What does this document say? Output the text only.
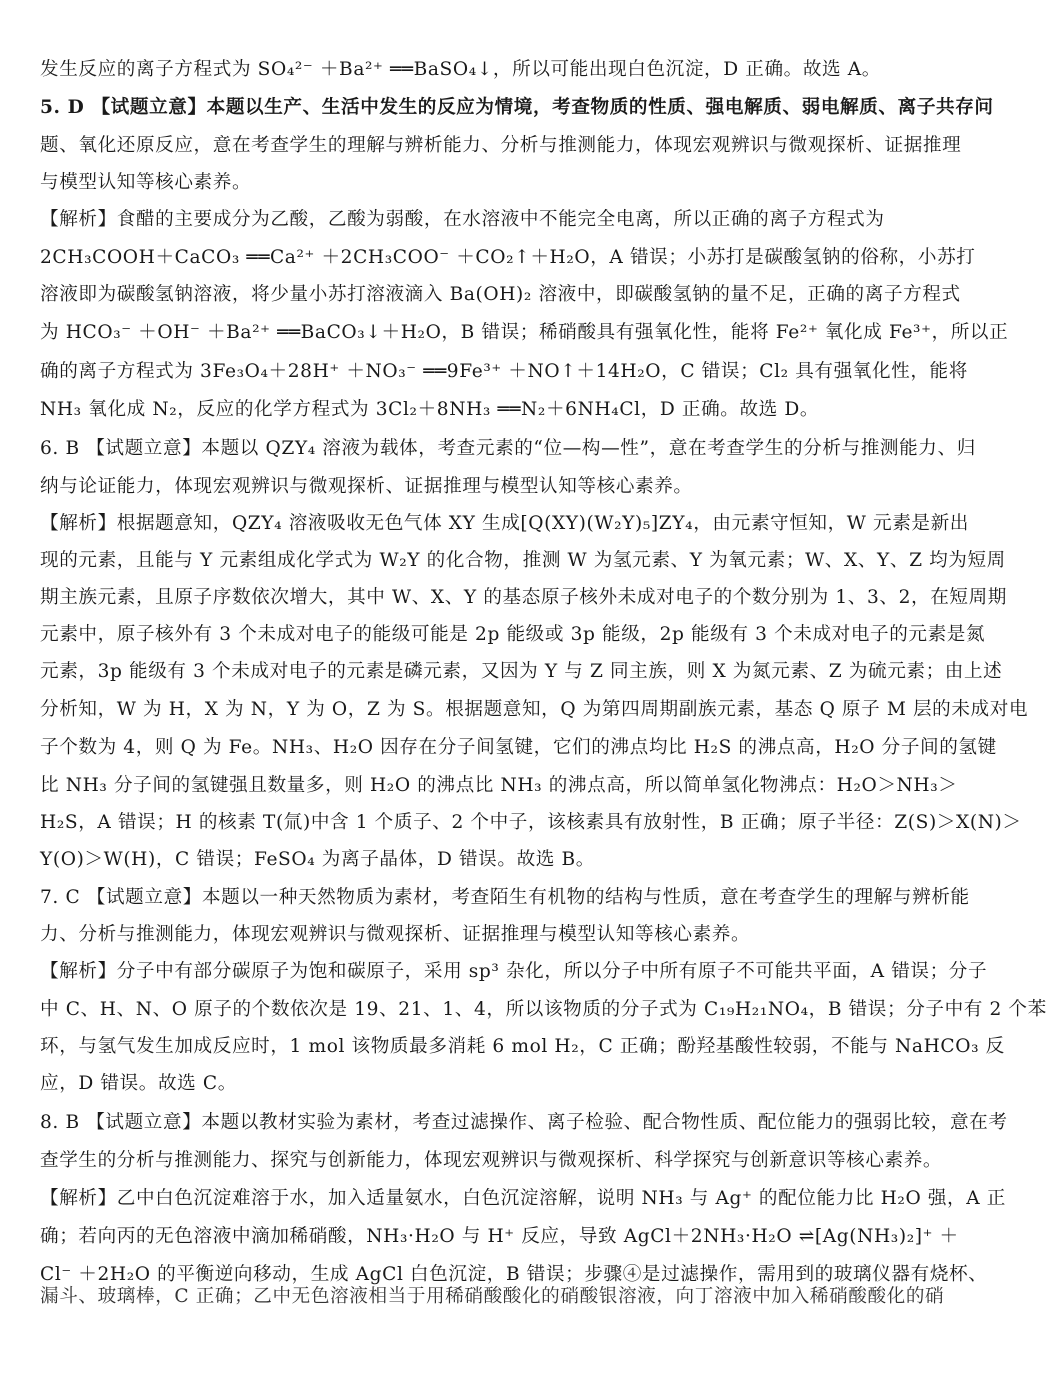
发生反应的离子方程式为 SO₄²⁻ ＋Ba²⁺ ══BaSO₄↓，所以可能出现白色沉淀，D 正确。故选 A。
5. D 【试题立意】本题以生产、生活中发生的反应为情境，考查物质的性质、强电解质、弱电解质、离子共存问
题、氧化还原反应，意在考查学生的理解与辨析能力、分析与推测能力，体现宏观辨识与微观探析、证据推理
与模型认知等核心素养。
【解析】食醋的主要成分为乙酸，乙酸为弱酸，在水溶液中不能完全电离，所以正确的离子方程式为
2CH₃COOH＋CaCO₃ ══Ca²⁺ ＋2CH₃COO⁻ ＋CO₂↑＋H₂O，A 错误；小苏打是碳酸氢钠的俗称，小苏打
溶液即为碳酸氢钠溶液，将少量小苏打溶液滴入 Ba(OH)₂ 溶液中，即碳酸氢钠的量不足，正确的离子方程式
为 HCO₃⁻ ＋OH⁻ ＋Ba²⁺ ══BaCO₃↓＋H₂O，B 错误；稀硝酸具有强氧化性，能将 Fe²⁺ 氧化成 Fe³⁺，所以正
确的离子方程式为 3Fe₃O₄＋28H⁺ ＋NO₃⁻ ══9Fe³⁺ ＋NO↑＋14H₂O，C 错误；Cl₂ 具有强氧化性，能将
NH₃ 氧化成 N₂，反应的化学方程式为 3Cl₂＋8NH₃ ══N₂＋6NH₄Cl，D 正确。故选 D。
6. B 【试题立意】本题以 QZY₄ 溶液为载体，考查元素的“位—构—性”，意在考查学生的分析与推测能力、归
纳与论证能力，体现宏观辨识与微观探析、证据推理与模型认知等核心素养。
【解析】根据题意知，QZY₄ 溶液吸收无色气体 XY 生成[Q(XY)(W₂Y)₅]ZY₄，由元素守恒知，W 元素是新出
现的元素，且能与 Y 元素组成化学式为 W₂Y 的化合物，推测 W 为氢元素、Y 为氧元素；W、X、Y、Z 均为短周
期主族元素，且原子序数依次增大，其中 W、X、Y 的基态原子核外未成对电子的个数分别为 1、3、2，在短周期
元素中，原子核外有 3 个未成对电子的能级可能是 2p 能级或 3p 能级，2p 能级有 3 个未成对电子的元素是氮
元素，3p 能级有 3 个未成对电子的元素是磷元素，又因为 Y 与 Z 同主族，则 X 为氮元素、Z 为硫元素；由上述
分析知，W 为 H，X 为 N，Y 为 O，Z 为 S。根据题意知，Q 为第四周期副族元素，基态 Q 原子 M 层的未成对电
子个数为 4，则 Q 为 Fe。NH₃、H₂O 因存在分子间氢键，它们的沸点均比 H₂S 的沸点高，H₂O 分子间的氢键
比 NH₃ 分子间的氢键强且数量多，则 H₂O 的沸点比 NH₃ 的沸点高，所以简单氢化物沸点：H₂O＞NH₃＞
H₂S，A 错误；H 的核素 T(氚)中含 1 个质子、2 个中子，该核素具有放射性，B 正确；原子半径：Z(S)＞X(N)＞
Y(O)＞W(H)，C 错误；FeSO₄ 为离子晶体，D 错误。故选 B。
7. C 【试题立意】本题以一种天然物质为素材，考查陌生有机物的结构与性质，意在考查学生的理解与辨析能
力、分析与推测能力，体现宏观辨识与微观探析、证据推理与模型认知等核心素养。
【解析】分子中有部分碳原子为饱和碳原子，采用 sp³ 杂化，所以分子中所有原子不可能共平面，A 错误；分子
中 C、H、N、O 原子的个数依次是 19、21、1、4，所以该物质的分子式为 C₁₉H₂₁NO₄，B 错误；分子中有 2 个苯
环，与氢气发生加成反应时，1 mol 该物质最多消耗 6 mol H₂，C 正确；酚羟基酸性较弱，不能与 NaHCO₃ 反
应，D 错误。故选 C。
8. B 【试题立意】本题以教材实验为素材，考查过滤操作、离子检验、配合物性质、配位能力的强弱比较，意在考
查学生的分析与推测能力、探究与创新能力，体现宏观辨识与微观探析、科学探究与创新意识等核心素养。
【解析】乙中白色沉淀难溶于水，加入适量氨水，白色沉淀溶解，说明 NH₃ 与 Ag⁺ 的配位能力比 H₂O 强，A 正
确；若向丙的无色溶液中滴加稀硝酸，NH₃·H₂O 与 H⁺ 反应，导致 AgCl＋2NH₃·H₂O ⇌[Ag(NH₃)₂]⁺ ＋
Cl⁻ ＋2H₂O 的平衡逆向移动，生成 AgCl 白色沉淀，B 错误；步骤④是过滤操作，需用到的玻璃仪器有烧杯、
漏斗、玻璃棒，C 正确；乙中无色溶液相当于用稀硝酸酸化的硝酸银溶液，向丁溶液中加入稀硝酸酸化的硝
